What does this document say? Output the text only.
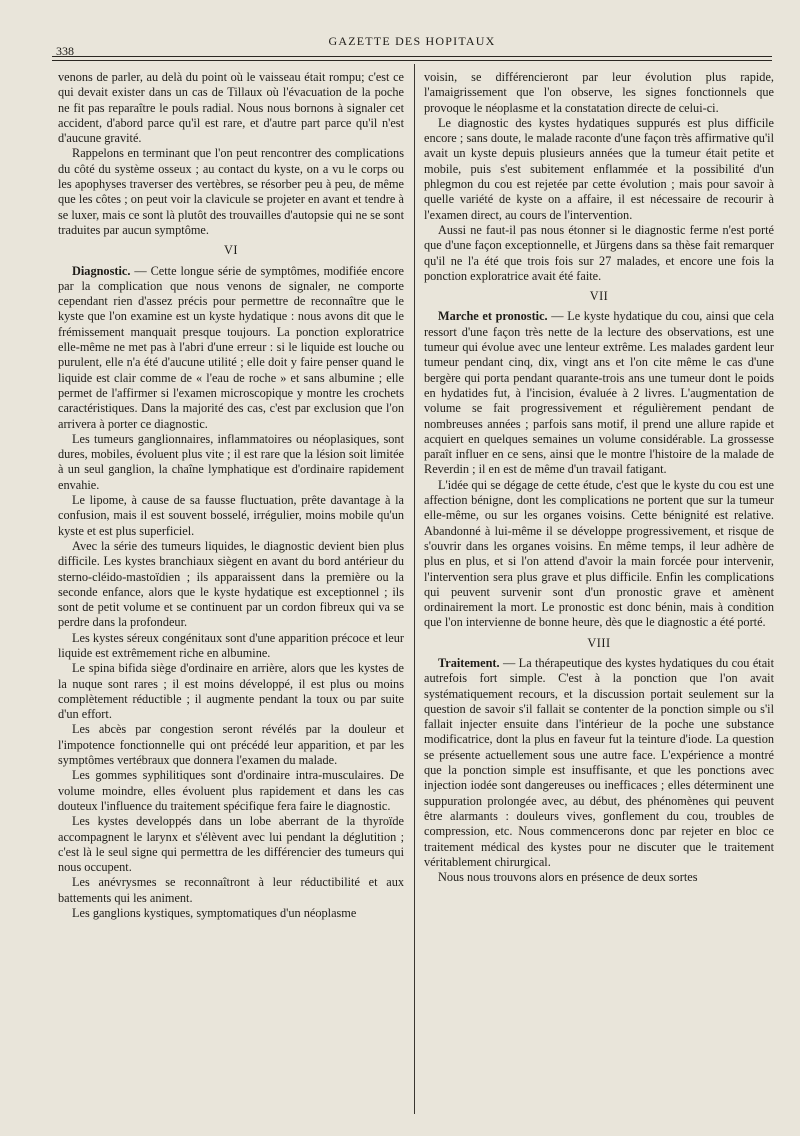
338
GAZETTE DES HOPITAUX

venons de parler, au delà du point où le vaisseau était rompu; c'est ce qui devait exister dans un cas de Tillaux où l'évacuation de la poche ne fit pas reparaître le pouls radial. Nous nous bornons à signaler cet accident, d'abord parce qu'il est rare, et d'autre part parce qu'il n'est d'aucune gravité.

Rappelons en terminant que l'on peut rencontrer des complications du côté du système osseux ; au contact du kyste, on a vu le corps ou les apophyses traverser des vertèbres, se résorber peu à peu, de même que les côtes ; on peut voir la clavicule se projeter en avant et tendre à se luxer, mais ce sont là plutôt des trouvailles d'autopsie qui ne se sont traduites par aucun symptôme.

VI

Diagnostic. — Cette longue série de symptômes, modifiée encore par la complication que nous venons de signaler, ne comporte cependant rien d'assez précis pour permettre de reconnaître que le kyste que l'on examine est un kyste hydatique : nous avons dit que le frémissement manquait presque toujours. La ponction exploratrice elle-même ne met pas à l'abri d'une erreur : si le liquide est louche ou purulent, elle n'a été d'aucune utilité ; elle doit y faire penser quand le liquide est clair comme de « l'eau de roche » et sans albumine ; elle permet de l'affirmer si l'examen microscopique y montre les crochets caractéristiques. Dans la majorité des cas, c'est par exclusion que l'on arrivera à porter ce diagnostic.

Les tumeurs ganglionnaires, inflammatoires ou néoplasiques, sont dures, mobiles, évoluent plus vite ; il est rare que la lésion soit limitée à un seul ganglion, la chaîne lymphatique est d'ordinaire rapidement envahie.

Le lipome, à cause de sa fausse fluctuation, prête davantage à la confusion, mais il est souvent bosselé, irrégulier, moins mobile qu'un kyste et est plus superficiel.

Avec la série des tumeurs liquides, le diagnostic devient bien plus difficile. Les kystes branchiaux siègent en avant du bord antérieur du sterno-cléido-mastoïdien ; ils apparaissent dans la première ou la seconde enfance, alors que le kyste hydatique est exceptionnel ; ils sont de petit volume et se continuent par un cordon fibreux qui va se perdre dans la profondeur.

Les kystes séreux congénitaux sont d'une apparition précoce et leur liquide est extrêmement riche en albumine.

Le spina bifida siège d'ordinaire en arrière, alors que les kystes de la nuque sont rares ; il est moins développé, il est plus ou moins complètement réductible ; il augmente pendant la toux ou par suite d'un effort.

Les abcès par congestion seront révélés par la douleur et l'impotence fonctionnelle qui ont précédé leur apparition, et par les symptômes vertébraux que donnera l'examen du malade.

Les gommes syphilitiques sont d'ordinaire intra-musculaires. De volume moindre, elles évoluent plus rapidement et dans les cas douteux l'influence du traitement spécifique fera faire le diagnostic.

Les kystes developpés dans un lobe aberrant de la thyroïde accompagnent le larynx et s'élèvent avec lui pendant la déglutition ; c'est là le seul signe qui permettra de les différencier des tumeurs qui nous occupent.

Les anévrysmes se reconnaîtront à leur réductibilité et aux battements qui les animent.

Les ganglions kystiques, symptomatiques d'un néoplasme

voisin, se différencieront par leur évolution plus rapide, l'amaigrissement que l'on observe, les signes fonctionnels que provoque le néoplasme et la constatation directe de celui-ci.

Le diagnostic des kystes hydatiques suppurés est plus difficile encore ; sans doute, le malade raconte d'une façon très affirmative qu'il avait un kyste depuis plusieurs années que la tumeur était petite et mobile, puis s'est subitement enflammée et la possibilité d'un phlegmon du cou est rejetée par cette évolution ; mais pour savoir à quelle variété de kyste on a affaire, il est nécessaire de recourir à l'examen direct, au cours de l'intervention.

Aussi ne faut-il pas nous étonner si le diagnostic ferme n'est porté que d'une façon exceptionnelle, et Jürgens dans sa thèse fait remarquer qu'il ne l'a été que trois fois sur 27 malades, et encore une fois la ponction exploratrice avait été faite.

VII

Marche et pronostic. — Le kyste hydatique du cou, ainsi que cela ressort d'une façon très nette de la lecture des observations, est une tumeur qui évolue avec une lenteur extrême. Les malades gardent leur tumeur pendant cinq, dix, vingt ans et l'on cite même le cas d'une bergère qui porta pendant quarante-trois ans une tumeur dont le poids en hydatides fut, à l'incision, évaluée à 2 livres. L'augmentation de volume se fait progressivement et régulièrement pendant de nombreuses années ; parfois sans motif, il prend une allure rapide et acquiert en quelques semaines un volume considérable. La grossesse paraît influer en ce sens, ainsi que le montre l'histoire de la malade de Reverdin ; il en est de même d'un travail fatigant.

L'idée qui se dégage de cette étude, c'est que le kyste du cou est une affection bénigne, dont les complications ne portent que sur la tumeur elle-même, ou sur les organes voisins. Cette bénignité est relative. Abandonné à lui-même il se développe progressivement, et risque de s'ouvrir dans les organes voisins. En même temps, il leur adhère de plus en plus, et si l'on attend d'avoir la main forcée pour intervenir, l'intervention sera plus grave et plus difficile. Enfin les complications qui peuvent survenir sont d'un pronostic grave et amènent ordinairement la mort. Le pronostic est donc bénin, mais à condition que l'on intervienne de bonne heure, dès que le diagnostic a été porté.

VIII

Traitement. — La thérapeutique des kystes hydatiques du cou était autrefois fort simple. C'est à la ponction que l'on avait systématiquement recours, et la discussion portait seulement sur la question de savoir s'il fallait se contenter de la ponction simple ou s'il fallait injecter ensuite dans l'intérieur de la poche une substance modificatrice, dont la plus en faveur fut la teinture d'iode. La question se présente actuellement sous une autre face. L'expérience a montré que la ponction simple est insuffisante, et que les ponctions avec injection iodée sont dangereuses ou inefficaces ; elles déterminent une suppuration prolongée avec, au début, des phénomènes qui peuvent être alarmants : douleurs vives, gonflement du cou, troubles de compression, etc. Nous commencerons donc par rejeter en bloc ce traitement médical des kystes pour ne discuter que le traitement véritablement chirurgical.

Nous nous trouvons alors en présence de deux sortes
